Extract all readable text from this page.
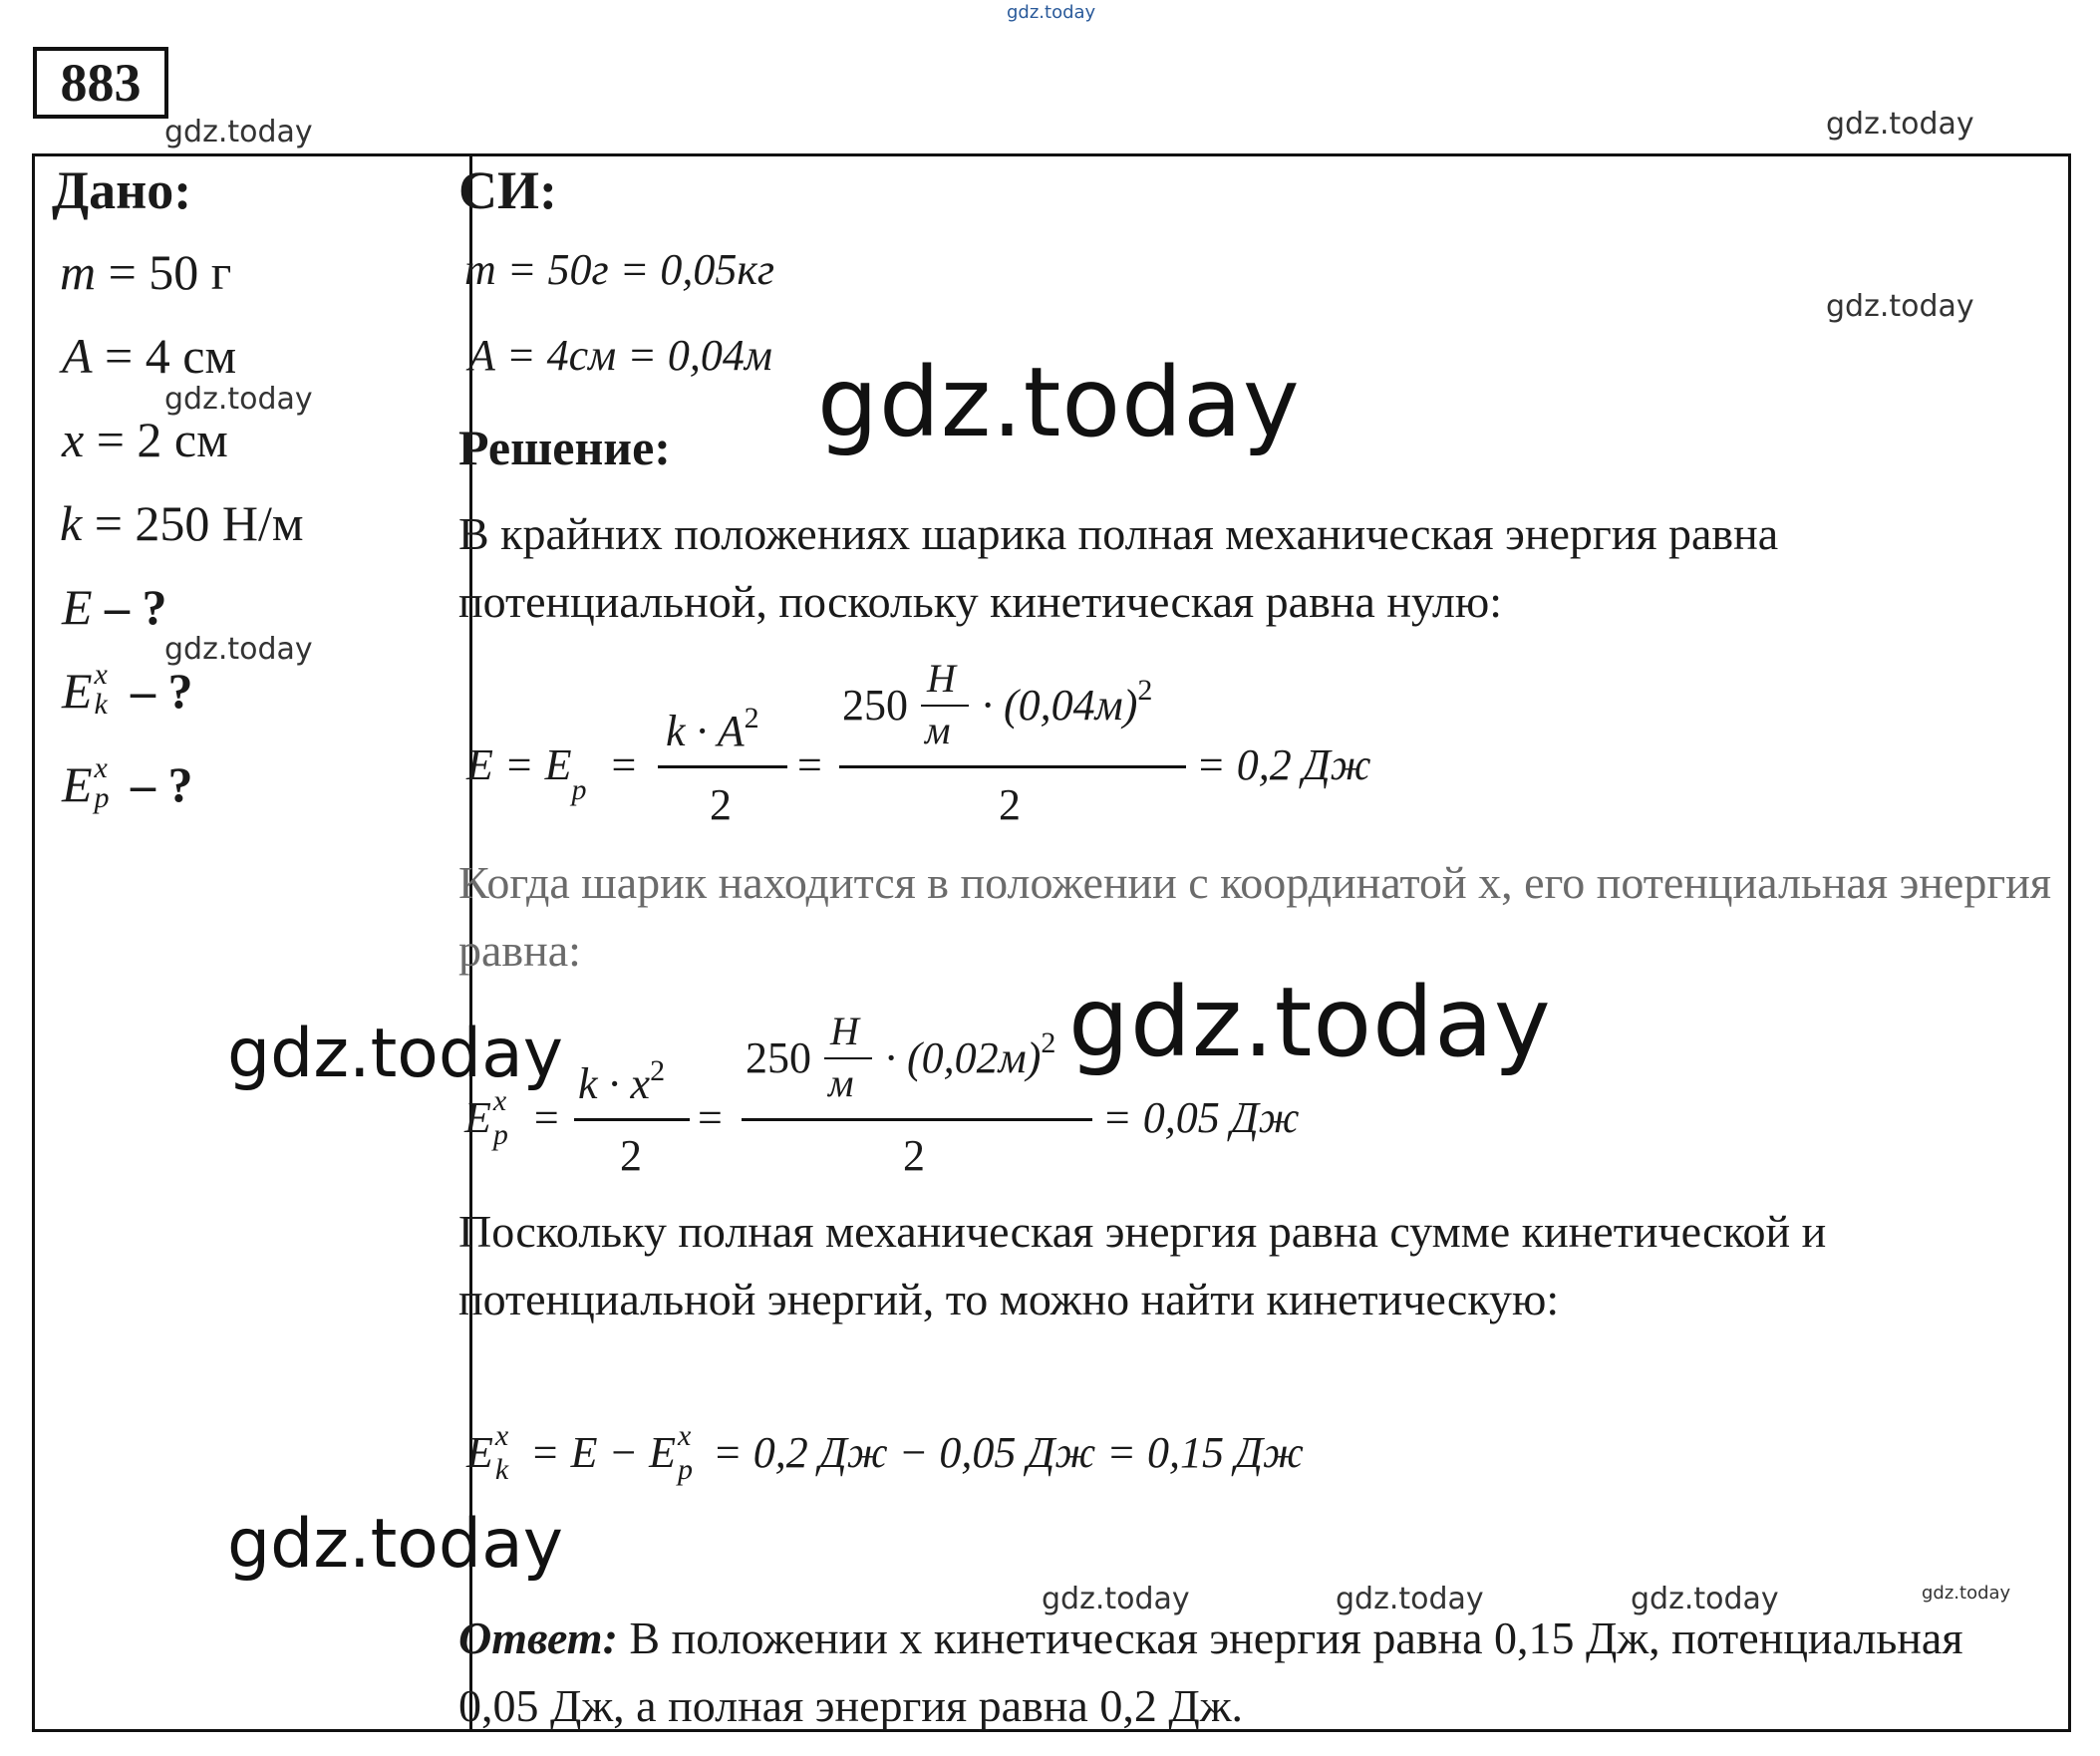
gdz.today
gdz.today	gdz.today
gdz.today
gdz.today
gdz.today
gdz.today	gdz.today	gdz.today	gdz.today
883
Дано:
m = 50 г
A = 4 см
x = 2 см
k = 250 Н/м
E – ?
E x
k – ?
E x
p – ?
СИ:
m = 50г = 0,05кг
A = 4см = 0,04м gdz.today
Решение:
В крайних положениях шарика полная механическая энергия равна потенциальной, поскольку кинетическая равна нулю:
$E = E_p$ =
$k \cdot A^2$
2
=
250
Н
м
· $(0,04м)^2$
2
= 0,2 Дж
Когда шарик находится в положении с координатой x, его потенциальная энергия равна:
gdz.today
gdz.today
E x
p =
$k \cdot x^2$
2
=
250
Н
м
· $(0,02м)^2$
2
= 0,05 Дж
Поскольку полная механическая энергия равна сумме кинетической и потенциальной энергий, то можно найти кинетическую:
E x
k = E − E x
p = 0,2 Дж − 0,05 Дж = 0,15 Дж
gdz.today
Ответ: В положении x кинетическая энергия равна 0,15 Дж, потенциальная 0,05 Дж, а полная энергия равна 0,2 Дж.
